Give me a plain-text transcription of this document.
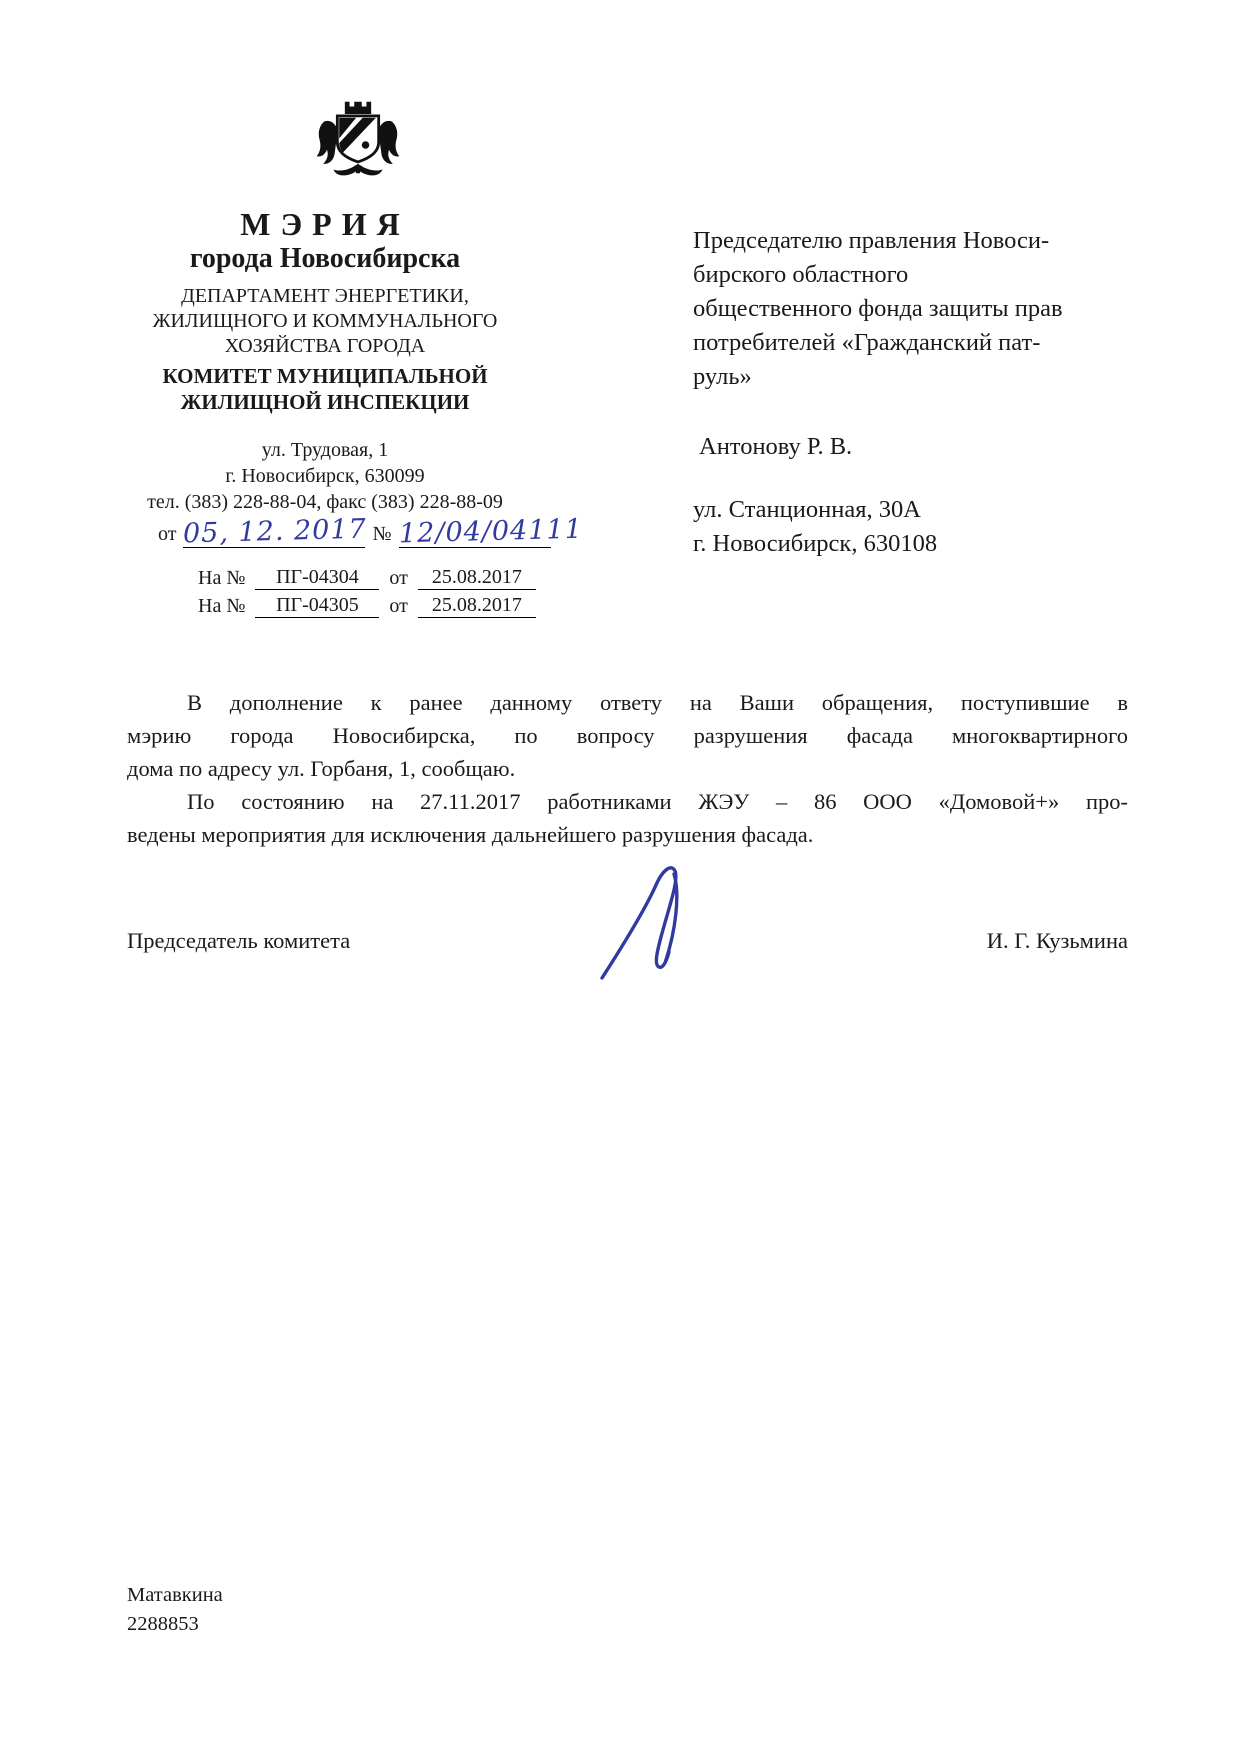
МЭРИЯ
города Новосибирска
ДЕПАРТАМЕНТ ЭНЕРГЕТИКИ,
ЖИЛИЩНОГО И КОММУНАЛЬНОГО
ХОЗЯЙСТВА ГОРОДА
КОМИТЕТ МУНИЦИПАЛЬНОЙ
ЖИЛИЩНОЙ ИНСПЕКЦИИ
ул. Трудовая, 1
г. Новосибирск, 630099
тел. (383) 228-88-04, факс (383) 228-88-09
от 05, 12. 2017 № 12/04/04111
На №	ПГ-04304	от	25.08.2017
На №	ПГ-04305	от	25.08.2017
Председателю правления Новоси-
бирского областного
общественного фонда защиты прав
потребителей «Гражданский пат-
руль»
Антонову Р. В.
ул. Станционная, 30А
г. Новосибирск, 630108
В дополнение к ранее данному ответу на Ваши обращения, поступившие в
мэрию города Новосибирска, по вопросу разрушения фасада многоквартирного
дома по адресу ул. Горбаня, 1, сообщаю.
По состоянию на 27.11.2017 работниками ЖЭУ – 86 ООО «Домовой+» про-
ведены мероприятия для исключения дальнейшего разрушения фасада.
Председатель комитета	И. Г. Кузьмина
Матавкина
2288853
